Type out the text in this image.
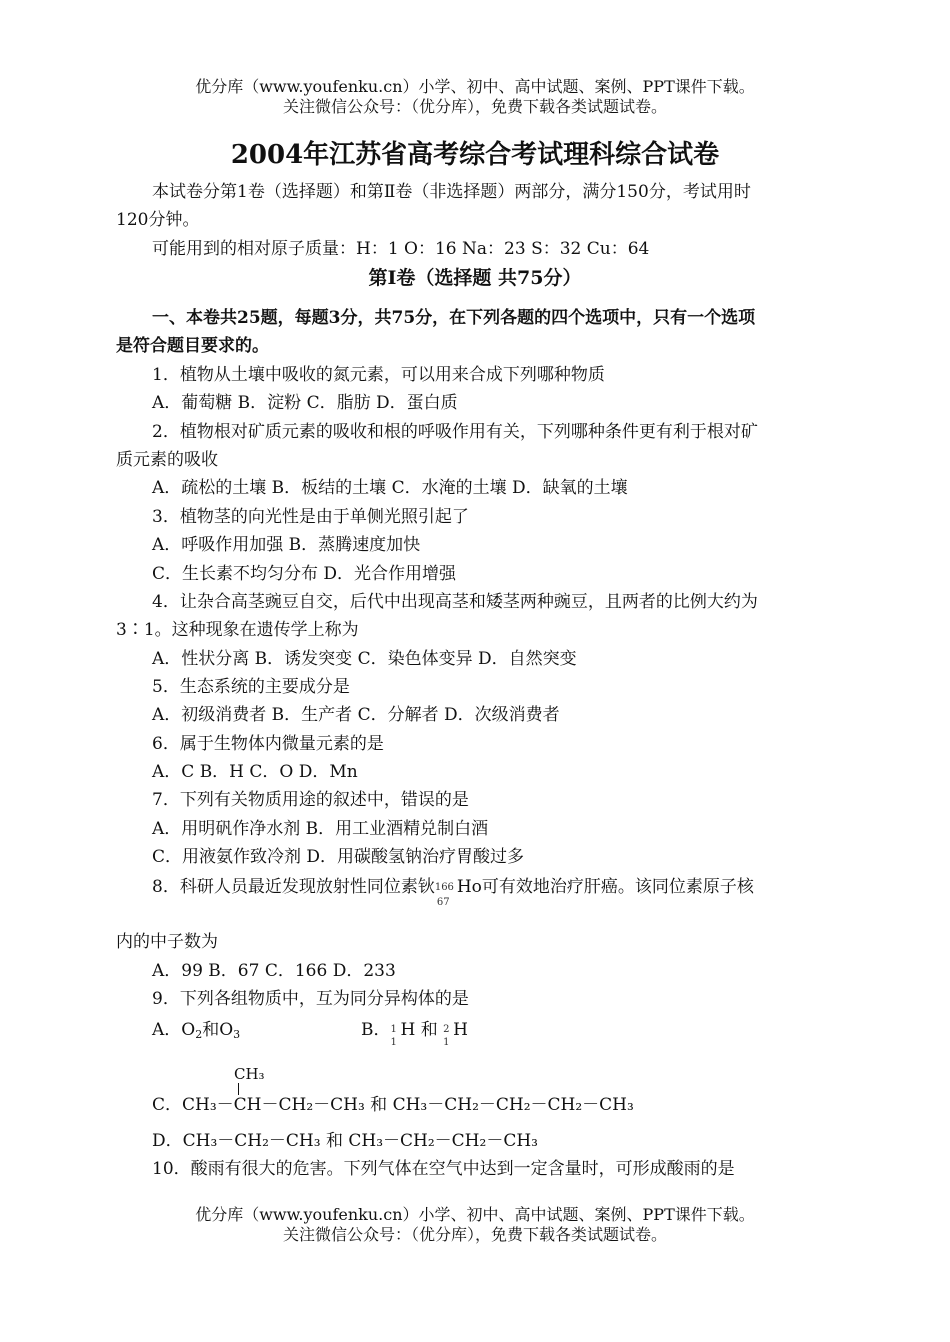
优分库（www.youfenku.cn）小学、初中、高中试题、案例、PPT课件下载。
关注微信公众号：（优分库），免费下载各类试题试卷。
2004年江苏省高考综合考试理科综合试卷
本试卷分第1卷（选择题）和第Ⅱ卷（非选择题）两部分，满分150分，考试用时
120分钟。
可能用到的相对原子质量：H：1 O：16 Na：23 S：32 Cu：64
第Ⅰ卷（选择题 共75分）
一、本卷共25题，每题3分，共75分，在下列各题的四个选项中，只有一个选项
是符合题目要求的。
1．植物从土壤中吸收的氮元素，可以用来合成下列哪种物质
A．葡萄糖 B．淀粉 C．脂肪 D．蛋白质
2．植物根对矿质元素的吸收和根的呼吸作用有关，下列哪种条件更有利于根对矿
质元素的吸收
A．疏松的土壤 B．板结的土壤 C．水淹的土壤 D．缺氧的土壤
3．植物茎的向光性是由于单侧光照引起了
A．呼吸作用加强 B．蒸腾速度加快
C．生长素不均匀分布 D．光合作用增强
4．让杂合高茎豌豆自交，后代中出现高茎和矮茎两种豌豆，且两者的比例大约为
3∶1。这种现象在遗传学上称为
A．性状分离 B．诱发突变 C．染色体变异 D．自然突变
5．生态系统的主要成分是
A．初级消费者 B．生产者 C．分解者 D．次级消费者
6．属于生物体内微量元素的是
A．C B．H C．O D．Mn
7．下列有关物质用途的叙述中，错误的是
A．用明矾作净水剂 B．用工业酒精兑制白酒
C．用液氨作致冷剂 D．用碳酸氢钠治疗胃酸过多
8．科研人员最近发现放射性同位素钬 166
67
Ho可有效地治疗肝癌。该同位素原子核
内的中子数为
A．99 B．67 C．166 D．233
9．下列各组物质中，互为同分异构体的是
A．$O_2$和$O_3$	B． 1
1
H 和 2
1
H
CH₃
C．CH₃－CH－CH₂－CH₃ 和 CH₃－CH₂－CH₂－CH₂－CH₃
D．CH₃－CH₂－CH₃ 和 CH₃－CH₂－CH₂－CH₃
10．酸雨有很大的危害。下列气体在空气中达到一定含量时，可形成酸雨的是
优分库（www.youfenku.cn）小学、初中、高中试题、案例、PPT课件下载。
关注微信公众号：（优分库），免费下载各类试题试卷。
